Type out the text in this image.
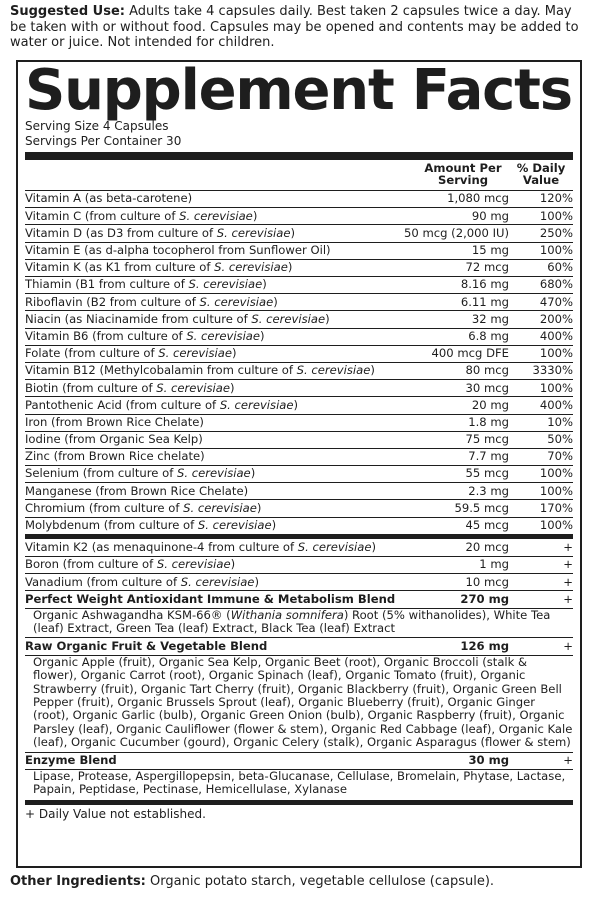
Suggested Use: Adults take 4 capsules daily. Best taken 2 capsules twice a day. May be taken with or without food. Capsules may be opened and contents may be added to water or juice. Not intended for children.
Supplement Facts
Serving Size 4 Capsules
Servings Per Container 30
Amount Per Serving
% Daily Value
Vitamin A (as beta-carotene)	1,080 mcg	120%
Vitamin C (from culture of S. cerevisiae)	90 mg	100%
Vitamin D (as D3 from culture of S. cerevisiae)	50 mcg (2,000 IU)	250%
Vitamin E (as d-alpha tocopherol from Sunflower Oil)	15 mg	100%
Vitamin K (as K1 from culture of S. cerevisiae)	72 mcg	60%
Thiamin (B1 from culture of S. cerevisiae)	8.16 mg	680%
Riboflavin (B2 from culture of S. cerevisiae)	6.11 mg	470%
Niacin (as Niacinamide from culture of S. cerevisiae)	32 mg	200%
Vitamin B6 (from culture of S. cerevisiae)	6.8 mg	400%
Folate (from culture of S. cerevisiae)	400 mcg DFE	100%
Vitamin B12 (Methylcobalamin from culture of S. cerevisiae)	80 mcg	3330%
Biotin (from culture of S. cerevisiae)	30 mcg	100%
Pantothenic Acid (from culture of S. cerevisiae)	20 mg	400%
Iron (from Brown Rice Chelate)	1.8 mg	10%
Iodine (from Organic Sea Kelp)	75 mcg	50%
Zinc (from Brown Rice chelate)	7.7 mg	70%
Selenium (from culture of S. cerevisiae)	55 mcg	100%
Manganese (from Brown Rice Chelate)	2.3 mg	100%
Chromium (from culture of S. cerevisiae)	59.5 mcg	170%
Molybdenum (from culture of S. cerevisiae)	45 mcg	100%
Vitamin K2 (as menaquinone-4 from culture of S. cerevisiae)	20 mcg	+
Boron (from culture of S. cerevisiae)	1 mg	+
Vanadium (from culture of S. cerevisiae)	10 mcg	+
Perfect Weight Antioxidant Immune & Metabolism Blend	270 mg	+
Organic Ashwagandha KSM-66® (Withania somnifera) Root (5% withanolides), White Tea (leaf) Extract, Green Tea (leaf) Extract, Black Tea (leaf) Extract
Raw Organic Fruit & Vegetable Blend	126 mg	+
Organic Apple (fruit), Organic Sea Kelp, Organic Beet (root), Organic Broccoli (stalk & flower), Organic Carrot (root), Organic Spinach (leaf), Organic Tomato (fruit), Organic Strawberry (fruit), Organic Tart Cherry (fruit), Organic Blackberry (fruit), Organic Green Bell Pepper (fruit), Organic Brussels Sprout (leaf), Organic Blueberry (fruit), Organic Ginger (root), Organic Garlic (bulb), Organic Green Onion (bulb), Organic Raspberry (fruit), Organic Parsley (leaf), Organic Cauliflower (flower & stem), Organic Red Cabbage (leaf), Organic Kale (leaf), Organic Cucumber (gourd), Organic Celery (stalk), Organic Asparagus (flower & stem)
Enzyme Blend	30 mg	+
Lipase, Protease, Aspergillopepsin, beta-Glucanase, Cellulase, Bromelain, Phytase, Lactase, Papain, Peptidase, Pectinase, Hemicellulase, Xylanase
+ Daily Value not established.
Other Ingredients: Organic potato starch, vegetable cellulose (capsule).
